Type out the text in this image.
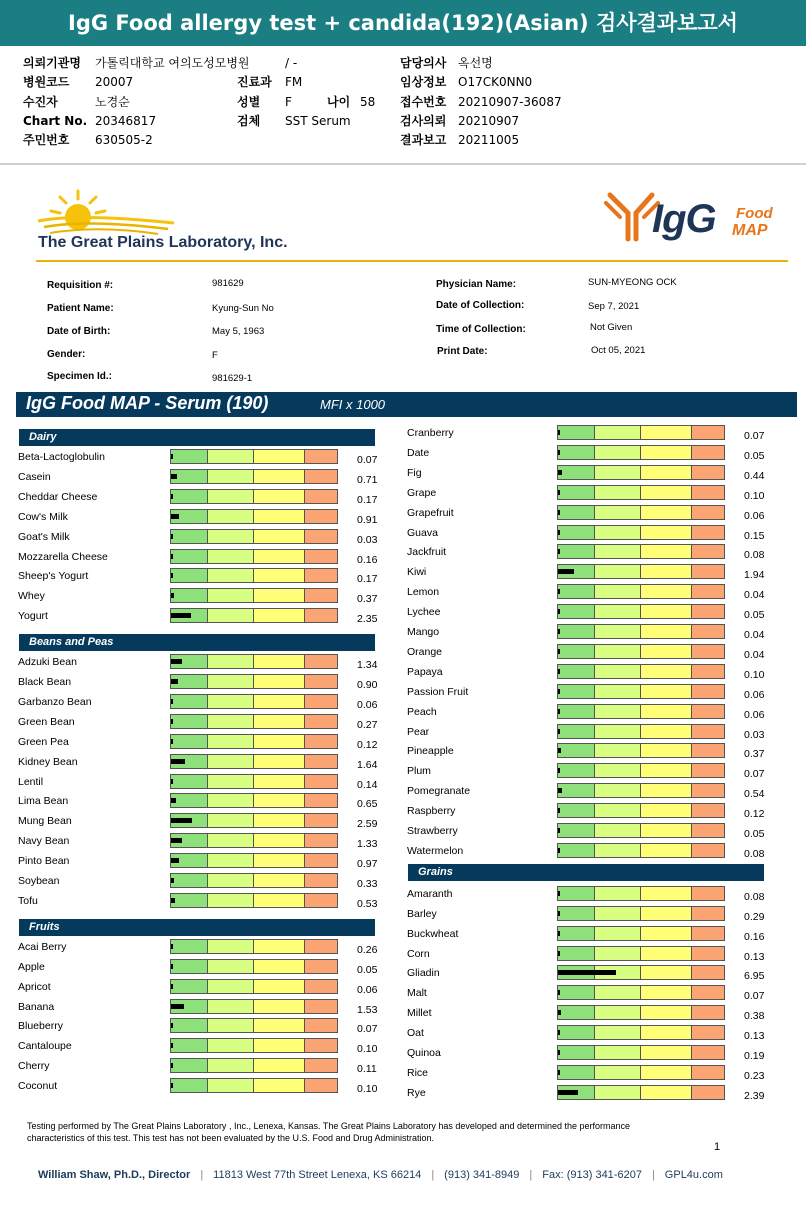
IgG Food allergy test + candida(192)(Asian) 검사결과보고서
의뢰기관명 가톨릭대학교 여의도성모병원	/ -	담당의사 옥선명
병원코드 20007	진료과 FM	임상정보 O17CK0NN0
수진자	노경순	성별 F	나이 58 접수번호 20210907-36087
Chart No. 20346817	검체 SST Serum	검사의뢰 20210907
주민번호 630505-2	결과보고 20211005
The Great Plains Laboratory, Inc.
IgG Food
MAP
Requisition #:	981629
Patient Name:	Kyung-Sun No
Date of Birth:	May 5, 1963
Gender:	F
Specimen Id.:	981629-1
Physician Name:	SUN-MYEONG OCK
Date of Collection:	Sep 7, 2021
Time of Collection:	Not Given
Print Date:	Oct 05, 2021
IgG Food MAP - Serum (190)	MFI x 1000
Testing performed by The Great Plains Laboratory , Inc., Lenexa, Kansas. The Great Plains Laboratory has developed and determined the performance characteristics of this test. This test has not been evaluated by the U.S. Food and Drug Administration.
1
William Shaw, Ph.D., Director | 11813 West 77th Street Lenexa, KS 66214 | (913) 341-8949 | Fax: (913) 341-6207 | GPL4u.com
Dairy
Beta-Lactoglobulin	0.07
Casein	0.71
Cheddar Cheese	0.17
Cow's Milk	0.91
Goat's Milk	0.03
Mozzarella Cheese	0.16
Sheep's Yogurt	0.17
Whey	0.37
Yogurt	2.35
Beans and Peas
Adzuki Bean	1.34
Black Bean	0.90
Garbanzo Bean	0.06
Green Bean	0.27
Green Pea	0.12
Kidney Bean	1.64
Lentil	0.14
Lima Bean	0.65
Mung Bean	2.59
Navy Bean	1.33
Pinto Bean	0.97
Soybean	0.33
Tofu	0.53
Fruits
Acai Berry	0.26
Apple	0.05
Apricot	0.06
Banana	1.53
Blueberry	0.07
Cantaloupe	0.10
Cherry	0.11
Coconut	0.10
Cranberry	0.07
Date	0.05
Fig	0.44
Grape	0.10
Grapefruit	0.06
Guava	0.15
Jackfruit	0.08
Kiwi	1.94
Lemon	0.04
Lychee	0.05
Mango	0.04
Orange	0.04
Papaya	0.10
Passion Fruit	0.06
Peach	0.06
Pear	0.03
Pineapple	0.37
Plum	0.07
Pomegranate	0.54
Raspberry	0.12
Strawberry	0.05
Watermelon	0.08
Grains
Amaranth	0.08
Barley	0.29
Buckwheat	0.16
Corn	0.13
Gliadin	6.95
Malt	0.07
Millet	0.38
Oat	0.13
Quinoa	0.19
Rice	0.23
Rye	2.39
